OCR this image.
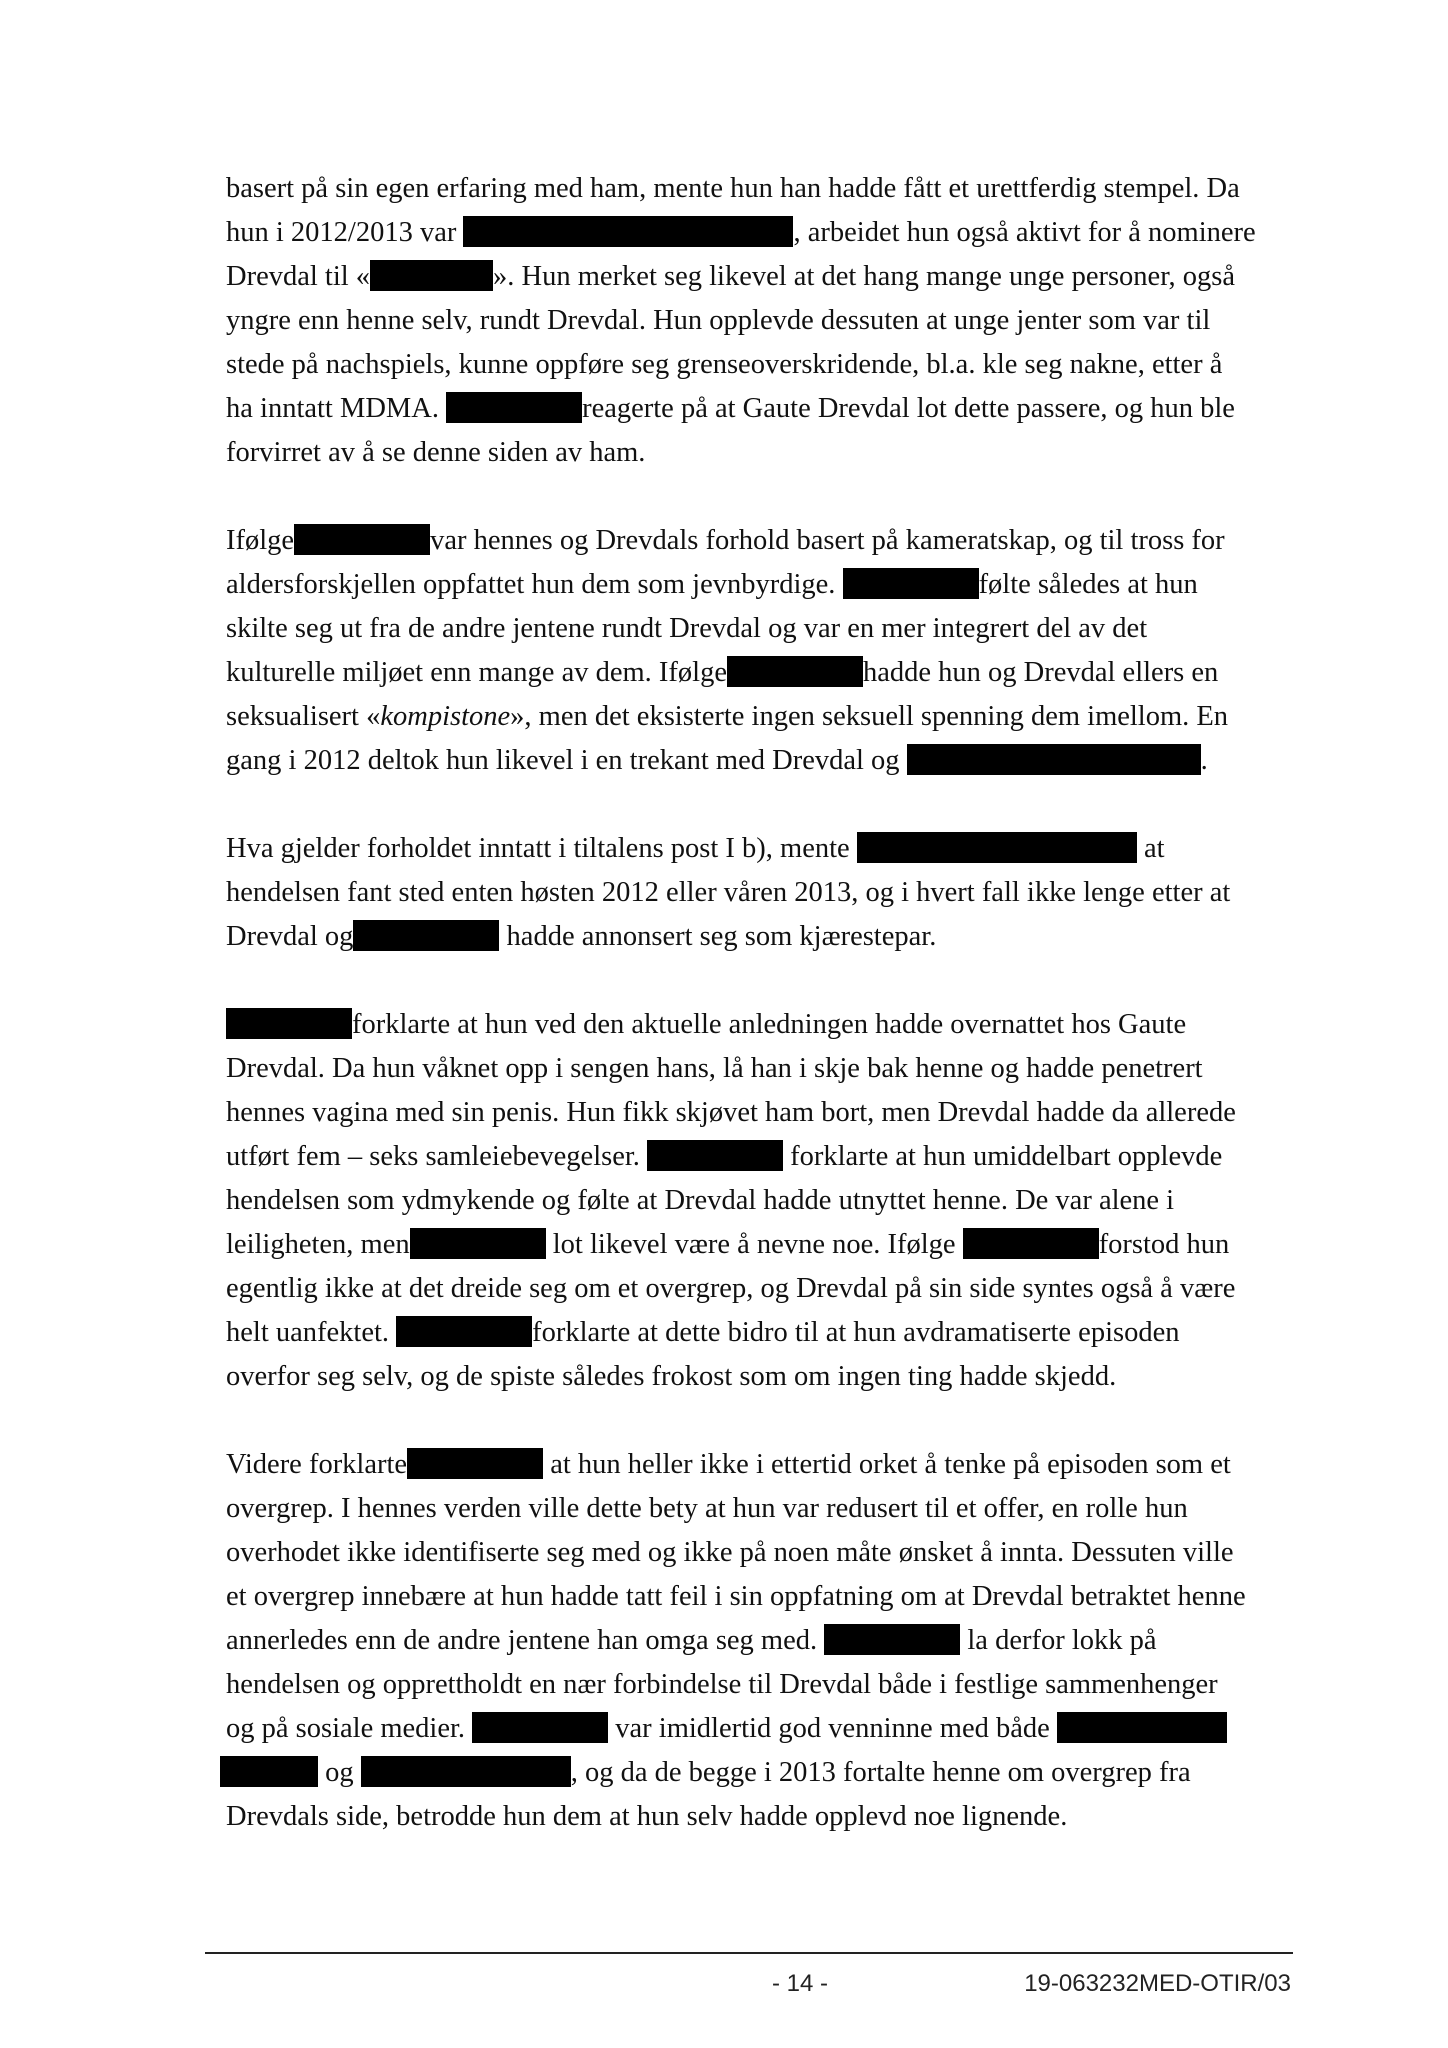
basert på sin egen erfaring med ham, mente hun han hadde fått et urettferdig stempel. Da
hun i 2012/2013 var	, arbeidet hun også aktivt for å nominere
Drevdal til «	». Hun merket seg likevel at det hang mange unge personer, også
yngre enn henne selv, rundt Drevdal. Hun opplevde dessuten at unge jenter som var til
stede på nachspiels, kunne oppføre seg grenseoverskridende, bl.a. kle seg nakne, etter å
ha inntatt MDMA.	reagerte på at Gaute Drevdal lot dette passere, og hun ble
forvirret av å se denne siden av ham.

Ifølge	var hennes og Drevdals forhold basert på kameratskap, og til tross for
aldersforskjellen oppfattet hun dem som jevnbyrdige.	følte således at hun
skilte seg ut fra de andre jentene rundt Drevdal og var en mer integrert del av det
kulturelle miljøet enn mange av dem. Ifølge	hadde hun og Drevdal ellers en
seksualisert «kompistone», men det eksisterte ingen seksuell spenning dem imellom. En
gang i 2012 deltok hun likevel i en trekant med Drevdal og	.

Hva gjelder forholdet inntatt i tiltalens post I b), mente	at
hendelsen fant sted enten høsten 2012 eller våren 2013, og i hvert fall ikke lenge etter at
Drevdal og	hadde annonsert seg som kjærestepar.

forklarte at hun ved den aktuelle anledningen hadde overnattet hos Gaute
Drevdal. Da hun våknet opp i sengen hans, lå han i skje bak henne og hadde penetrert
hennes vagina med sin penis. Hun fikk skjøvet ham bort, men Drevdal hadde da allerede
utført fem – seks samleiebevegelser.	forklarte at hun umiddelbart opplevde
hendelsen som ydmykende og følte at Drevdal hadde utnyttet henne. De var alene i
leiligheten, men	lot likevel være å nevne noe. Ifølge	forstod hun
egentlig ikke at det dreide seg om et overgrep, og Drevdal på sin side syntes også å være
helt uanfektet.	forklarte at dette bidro til at hun avdramatiserte episoden
overfor seg selv, og de spiste således frokost som om ingen ting hadde skjedd.

Videre forklarte	at hun heller ikke i ettertid orket å tenke på episoden som et
overgrep. I hennes verden ville dette bety at hun var redusert til et offer, en rolle hun
overhodet ikke identifiserte seg med og ikke på noen måte ønsket å innta. Dessuten ville
et overgrep innebære at hun hadde tatt feil i sin oppfatning om at Drevdal betraktet henne
annerledes enn de andre jentene han omga seg med.	la derfor lokk på
hendelsen og opprettholdt en nær forbindelse til Drevdal både i festlige sammenhenger
og på sosiale medier.	var imidlertid god venninne med både
og	, og da de begge i 2013 fortalte henne om overgrep fra
Drevdals side, betrodde hun dem at hun selv hadde opplevd noe lignende.

- 14 -	19-063232MED-OTIR/03
